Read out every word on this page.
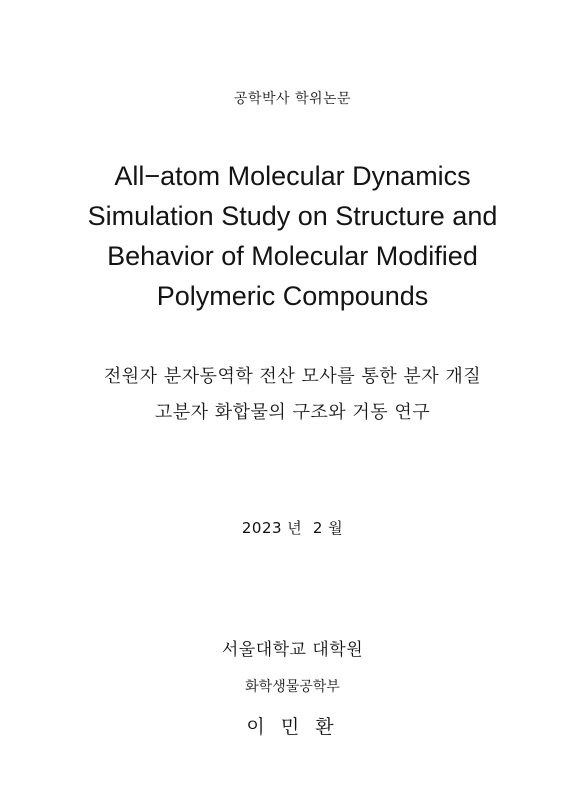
공학박사 학위논문
All−atom Molecular Dynamics
Simulation Study on Structure and
Behavior of Molecular Modified
Polymeric Compounds
전원자 분자동역학 전산 모사를 통한 분자 개질
고분자 화합물의 구조와 거동 연구
2023 년  2 월
서울대학교 대학원
화학생물공학부
이 민 환
